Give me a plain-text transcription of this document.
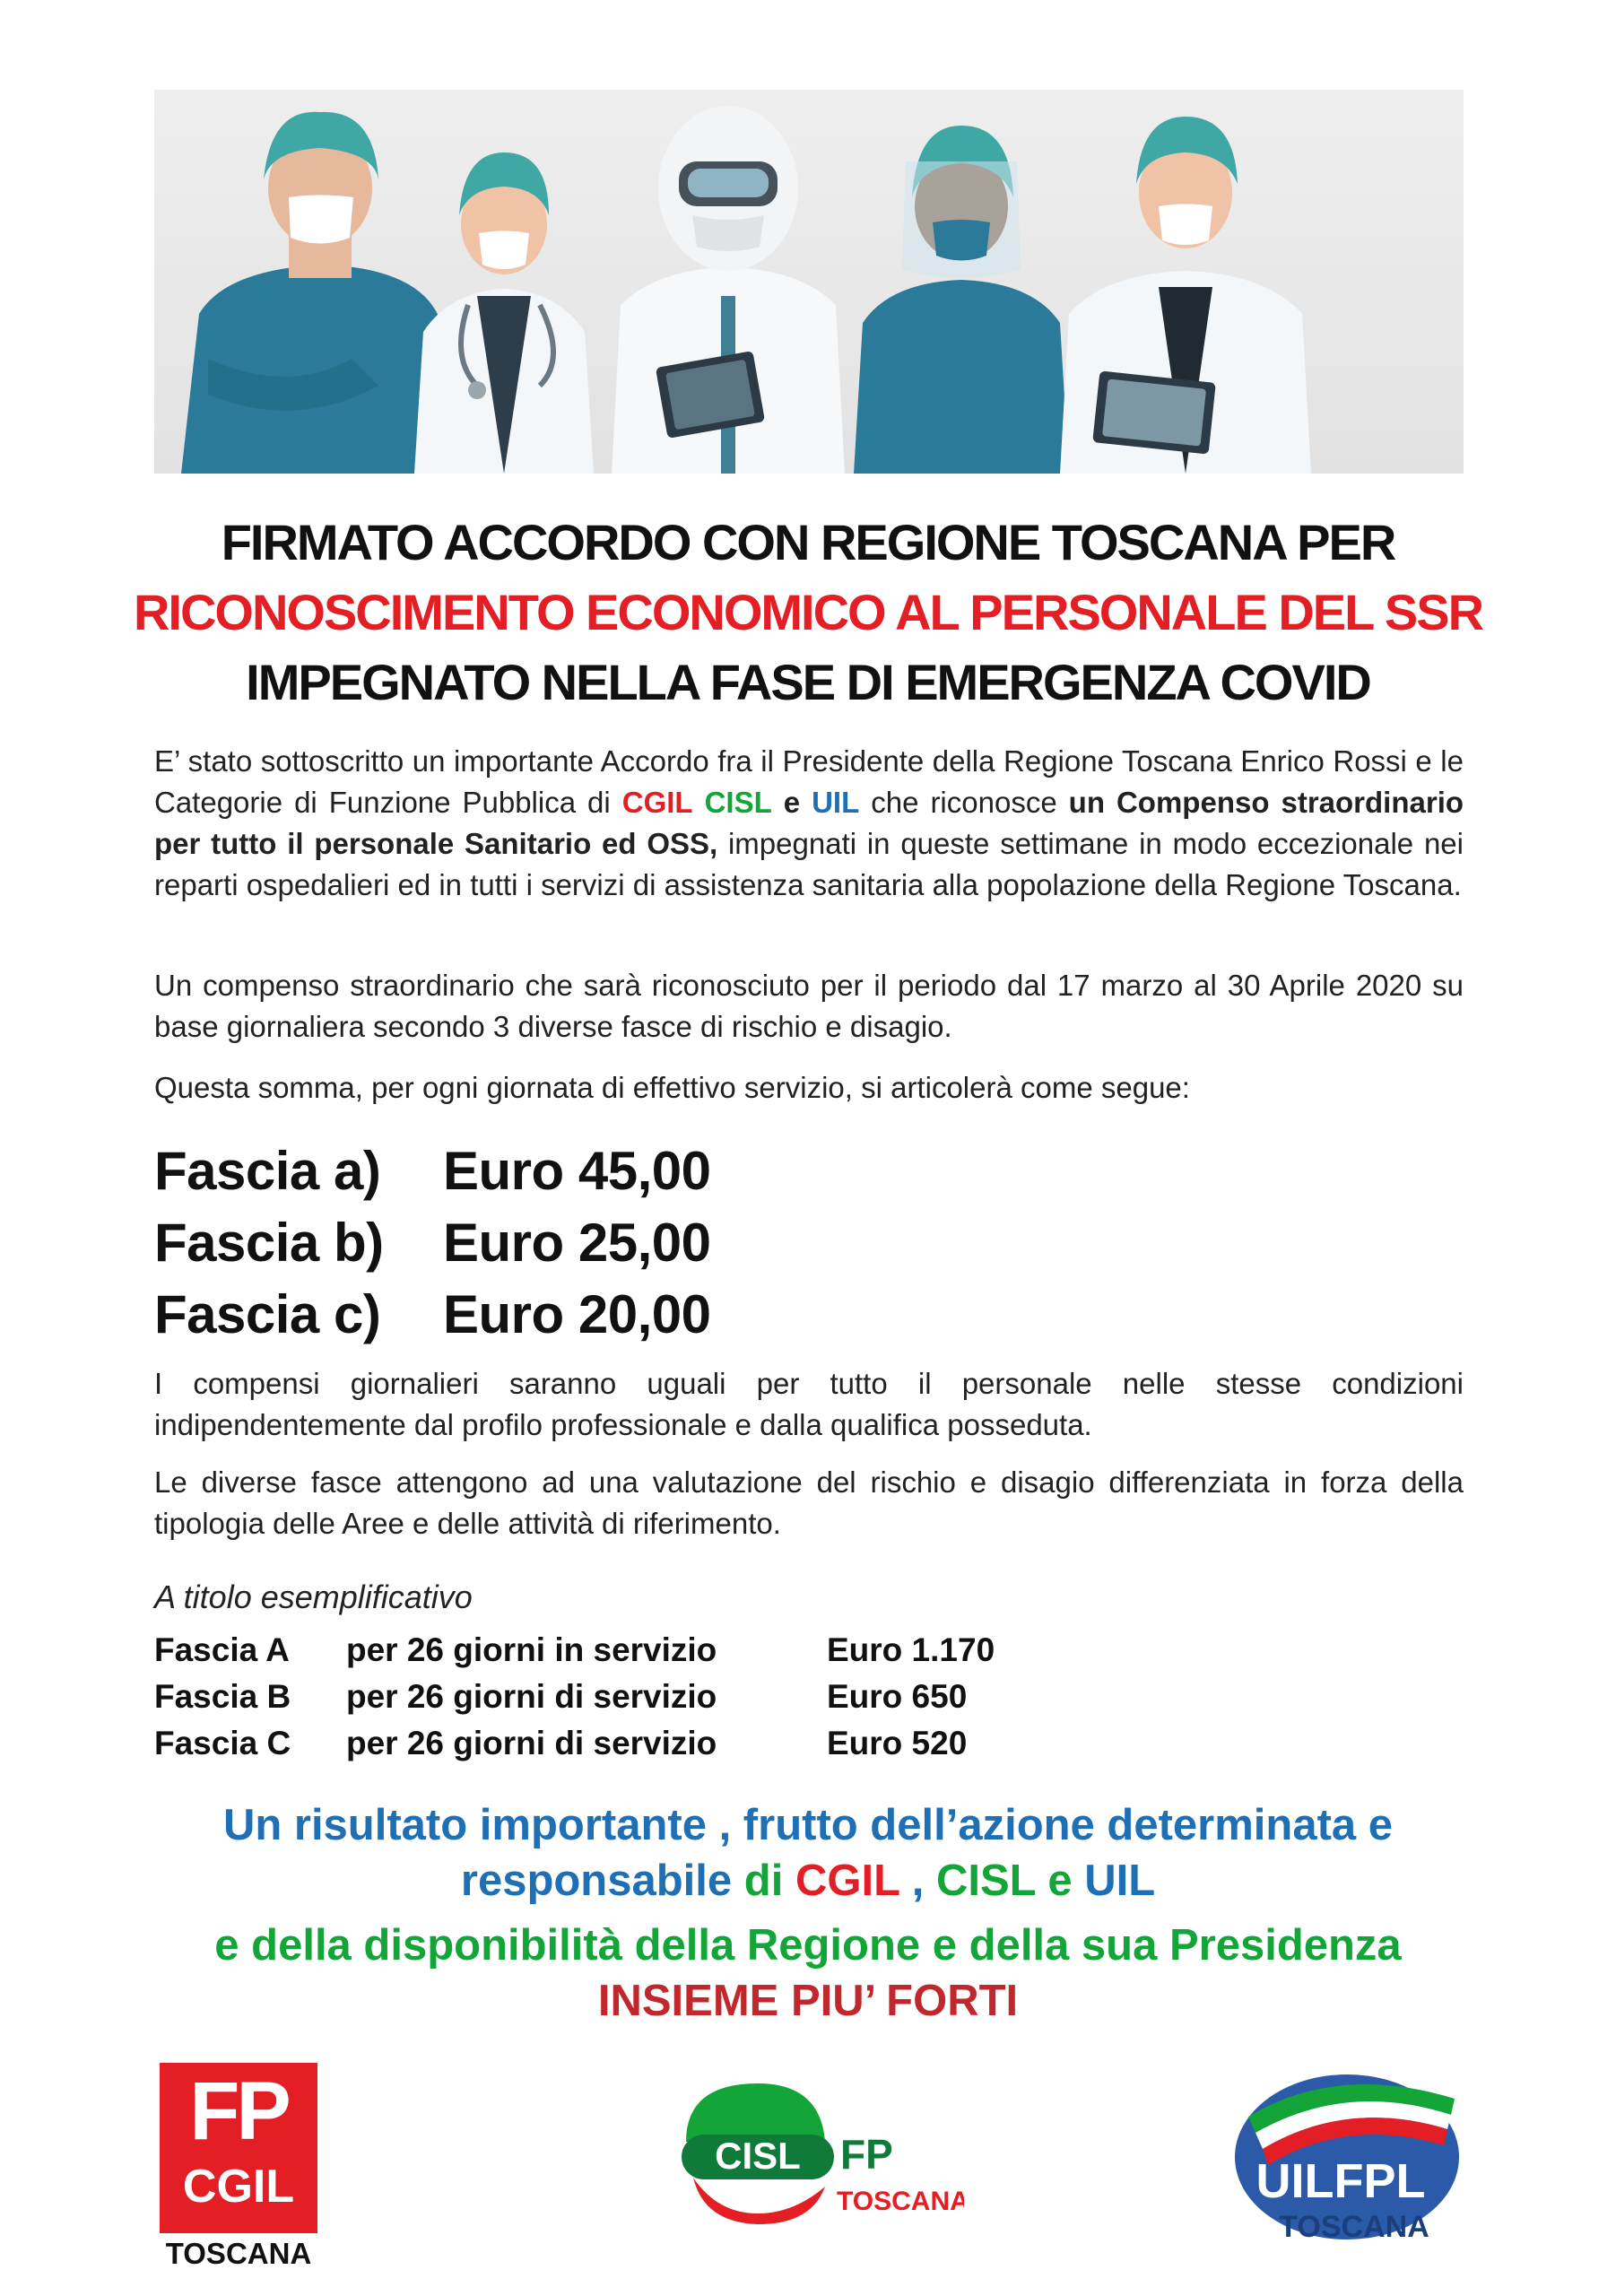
FIRMATO ACCORDO CON REGIONE TOSCANA PER
RICONOSCIMENTO ECONOMICO AL PERSONALE DEL SSR
IMPEGNATO NELLA FASE DI EMERGENZA COVID
E’ stato sottoscritto un importante Accordo fra il Presidente della Regione Toscana Enrico Rossi e le Categorie di Funzione Pubblica di CGIL CISL e UIL che riconosce un Compenso straordinario per tutto il personale Sanitario ed OSS, impegnati in queste settimane in modo eccezionale nei reparti ospedalieri ed in tutti i servizi di assistenza sanitaria alla popolazione della Regione Toscana.
Un compenso straordinario che sarà riconosciuto per il periodo dal 17 marzo al 30 Aprile 2020 su base giornaliera secondo 3 diverse fasce di rischio e disagio.
Questa somma, per ogni giornata di effettivo servizio, si articolerà come segue:
Fascia a) Euro 45,00
Fascia b) Euro 25,00
Fascia c) Euro 20,00
I compensi giornalieri saranno uguali per tutto il personale nelle stesse condizioni indipendentemente dal profilo professionale e dalla qualifica posseduta.
Le diverse fasce attengono ad una valutazione del rischio e disagio differenziata in forza della tipologia delle Aree e delle attività di riferimento.
A titolo esemplificativo
Fascia A per 26 giorni in servizio	Euro 1.170
Fascia B per 26 giorni di servizio	Euro 650
Fascia C per 26 giorni di servizio	Euro 520
Un risultato importante , frutto dell’azione determinata e
responsabile di CGIL , CISL e UIL
e della disponibilità della Regione e della sua Presidenza
INSIEME PIU’ FORTI
FP
CGIL
TOSCANA
CISL FP
TOSCANA	UILFPL
TOSCANA
